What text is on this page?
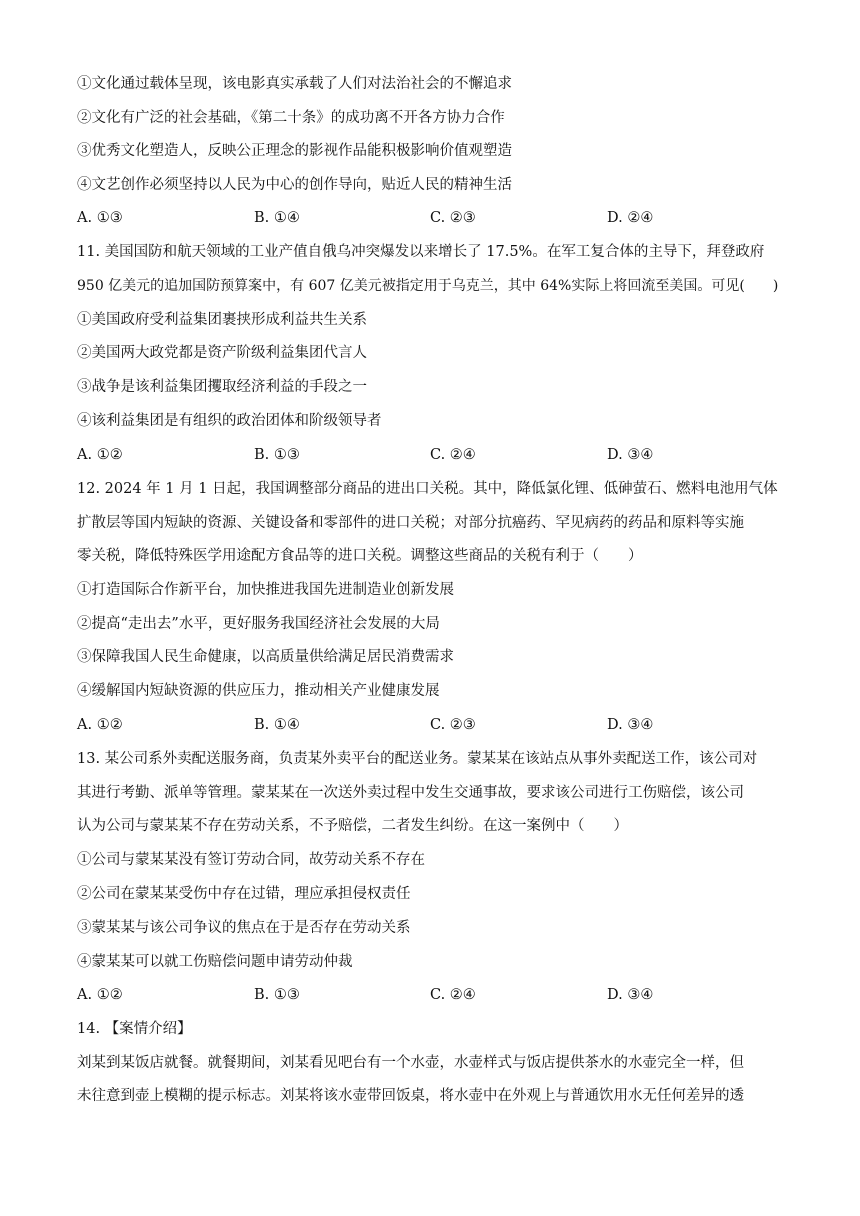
①文化通过载体呈现，该电影真实承载了人们对法治社会的不懈追求
②文化有广泛的社会基础，《第二十条》的成功离不开各方协力合作
③优秀文化塑造人，反映公正理念的影视作品能积极影响价值观塑造
④文艺创作必须坚持以人民为中心的创作导向，贴近人民的精神生活
A. ①③	B. ①④	C. ②③	D. ②④
11. 美国国防和航天领域的工业产值自俄乌冲突爆发以来增长了 17.5%。在军工复合体的主导下，拜登政府
950 亿美元的追加国防预算案中，有 607 亿美元被指定用于乌克兰，其中 64%实际上将回流至美国。可见(　　)
①美国政府受利益集团裹挟形成利益共生关系
②美国两大政党都是资产阶级利益集团代言人
③战争是该利益集团攫取经济利益的手段之一
④该利益集团是有组织的政治团体和阶级领导者
A. ①②	B. ①③	C. ②④	D. ③④
12. 2024 年 1 月 1 日起，我国调整部分商品的进出口关税。其中，降低氯化锂、低砷萤石、燃料电池用气体
扩散层等国内短缺的资源、关键设备和零部件的进口关税；对部分抗癌药、罕见病药的药品和原料等实施
零关税，降低特殊医学用途配方食品等的进口关税。调整这些商品的关税有利于（　　）
①打造国际合作新平台，加快推进我国先进制造业创新发展
②提高“走出去”水平，更好服务我国经济社会发展的大局
③保障我国人民生命健康，以高质量供给满足居民消费需求
④缓解国内短缺资源的供应压力，推动相关产业健康发展
A. ①②	B. ①④	C. ②③	D. ③④
13. 某公司系外卖配送服务商，负责某外卖平台的配送业务。蒙某某在该站点从事外卖配送工作，该公司对
其进行考勤、派单等管理。蒙某某在一次送外卖过程中发生交通事故，要求该公司进行工伤赔偿，该公司
认为公司与蒙某某不存在劳动关系，不予赔偿，二者发生纠纷。在这一案例中（　　）
①公司与蒙某某没有签订劳动合同，故劳动关系不存在
②公司在蒙某某受伤中存在过错，理应承担侵权责任
③蒙某某与该公司争议的焦点在于是否存在劳动关系
④蒙某某可以就工伤赔偿问题申请劳动仲裁
A. ①②	B. ①③	C. ②④	D. ③④
14. 【案情介绍】
刘某到某饭店就餐。就餐期间，刘某看见吧台有一个水壶，水壶样式与饭店提供茶水的水壶完全一样，但
未往意到壶上模糊的提示标志。刘某将该水壶带回饭桌，将水壶中在外观上与普通饮用水无任何差异的透
